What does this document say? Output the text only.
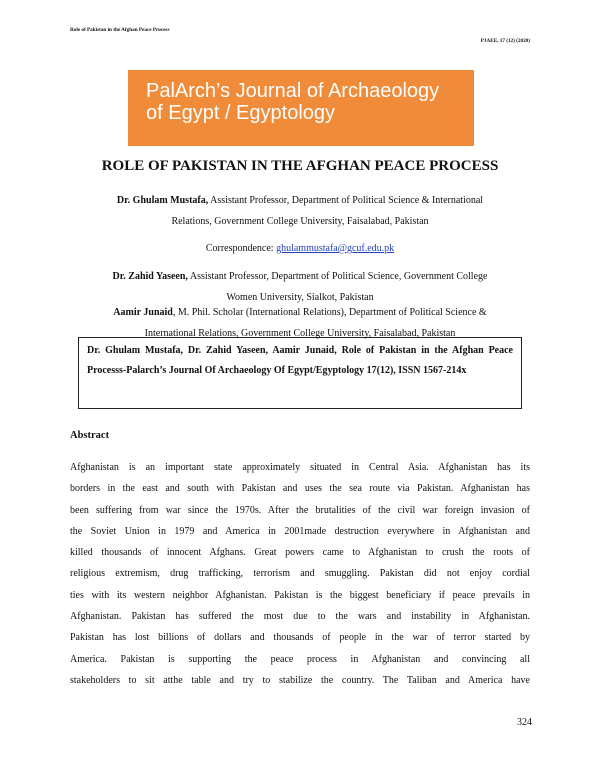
Role of Pakistan in the Afghan Peace Process
PJAEE, 17 (12) (2020)
PalArch’s Journal of Archaeology
of Egypt / Egyptology
ROLE OF PAKISTAN IN THE AFGHAN PEACE PROCESS
Dr. Ghulam Mustafa, Assistant Professor, Department of Political Science & International
Relations, Government College University, Faisalabad, Pakistan
Correspondence: ghulammustafa@gcuf.edu.pk
Dr. Zahid Yaseen, Assistant Professor, Department of Political Science, Government College
Women University, Sialkot, Pakistan
Aamir Junaid, M. Phil. Scholar (International Relations), Department of Political Science &
International Relations, Government College University, Faisalabad, Pakistan
Dr. Ghulam Mustafa, Dr. Zahid Yaseen, Aamir Junaid, Role of Pakistan in the Afghan Peace Processs-Palarch’s Journal Of Archaeology Of Egypt/Egyptology 17(12), ISSN 1567-214x
Abstract
Afghanistan is an important state approximately situated in Central Asia. Afghanistan has its
borders in the east and south with Pakistan and uses the sea route via Pakistan. Afghanistan has
been suffering from war since the 1970s. After the brutalities of the civil war foreign invasion of
the Soviet Union in 1979 and America in 2001made destruction everywhere in Afghanistan and
killed thousands of innocent Afghans. Great powers came to Afghanistan to crush the roots of
religious extremism, drug trafficking, terrorism and smuggling. Pakistan did not enjoy cordial
ties with its western neighbor Afghanistan. Pakistan is the biggest beneficiary if peace prevails in
Afghanistan. Pakistan has suffered the most due to the wars and instability in Afghanistan.
Pakistan has lost billions of dollars and thousands of people in the war of terror started by
America. Pakistan is supporting the peace process in Afghanistan and convincing all
stakeholders to sit atthe table and try to stabilize the country. The Taliban and America have
324
